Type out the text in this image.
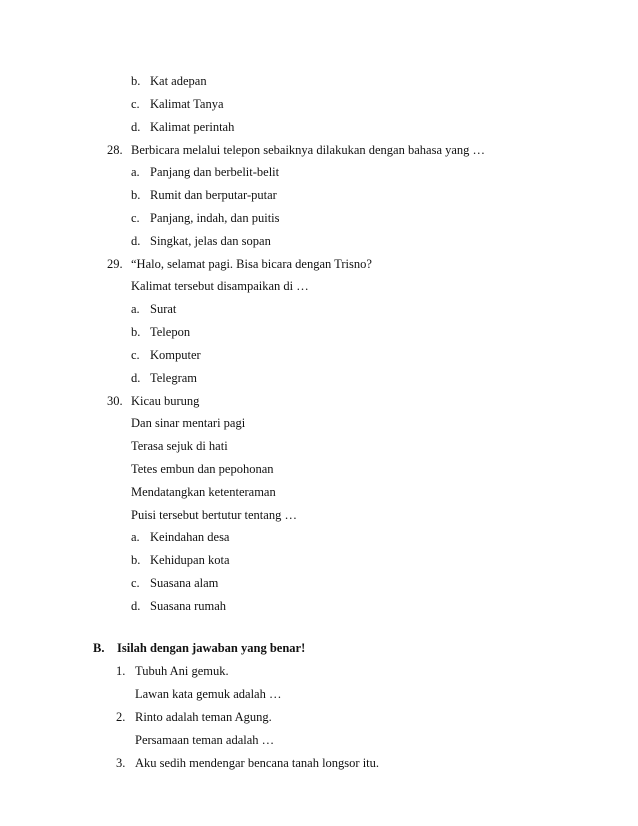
b. Kat adepan
c. Kalimat Tanya
d. Kalimat perintah
28. Berbicara melalui telepon sebaiknya dilakukan dengan bahasa yang …
a. Panjang dan berbelit-belit
b. Rumit dan berputar-putar
c. Panjang, indah, dan puitis
d. Singkat, jelas dan sopan
29. “Halo, selamat pagi. Bisa bicara dengan Trisno?
Kalimat tersebut disampaikan di …
a. Surat
b. Telepon
c. Komputer
d. Telegram
30. Kicau burung
Dan sinar mentari pagi
Terasa sejuk di hati
Tetes embun dan pepohonan
Mendatangkan ketenteraman
Puisi tersebut bertutur tentang …
a. Keindahan desa
b. Kehidupan kota
c. Suasana alam
d. Suasana rumah
B. Isilah dengan jawaban yang benar!
1. Tubuh Ani gemuk.
Lawan kata gemuk adalah …
2. Rinto adalah teman Agung.
Persamaan teman adalah …
3. Aku sedih mendengar bencana tanah longsor itu.
